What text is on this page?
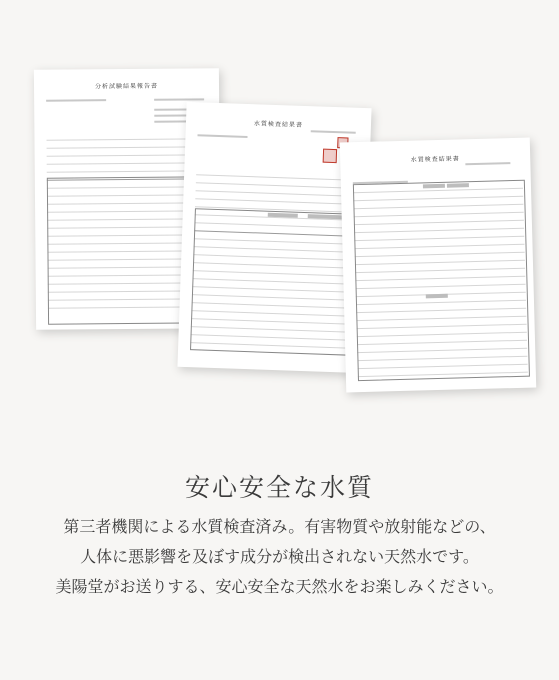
分析試験結果報告書
水質検査結果書
水質検査結果書
安心安全な水質
第三者機関による水質検査済み。有害物質や放射能などの、
人体に悪影響を及ぼす成分が検出されない天然水です。
美陽堂がお送りする、安心安全な天然水をお楽しみください。
